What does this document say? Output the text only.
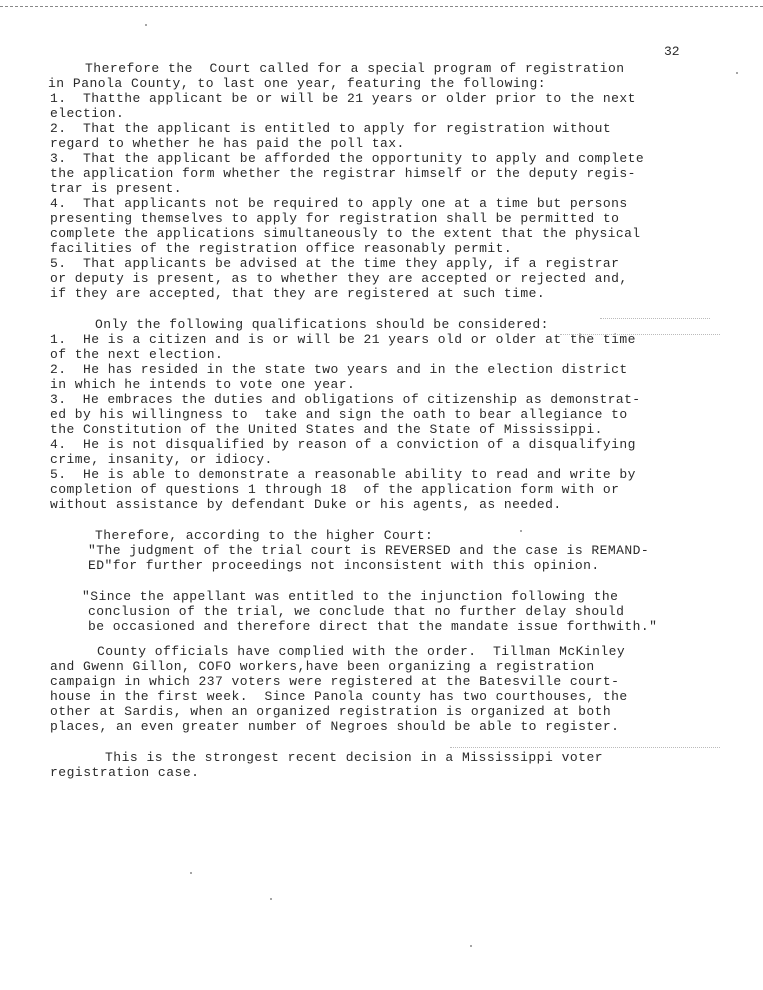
32
Therefore the  Court called for a special program of registration
in Panola County, to last one year, featuring the following:
1.  Thatthe applicant be or will be 21 years or older prior to the next
election.
2.  That the applicant is entitled to apply for registration without
regard to whether he has paid the poll tax.
3.  That the applicant be afforded the opportunity to apply and complete
the application form whether the registrar himself or the deputy regis-
trar is present.
4.  That applicants not be required to apply one at a time but persons
presenting themselves to apply for registration shall be permitted to
complete the applications simultaneously to the extent that the physical
facilities of the registration office reasonably permit.
5.  That applicants be advised at the time they apply, if a registrar
or deputy is present, as to whether they are accepted or rejected and,
if they are accepted, that they are registered at such time.
Only the following qualifications should be considered:
1.  He is a citizen and is or will be 21 years old or older at the time
of the next election.
2.  He has resided in the state two years and in the election district
in which he intends to vote one year.
3.  He embraces the duties and obligations of citizenship as demonstrat-
ed by his willingness to  take and sign the oath to bear allegiance to
the Constitution of the United States and the State of Mississippi.
4.  He is not disqualified by reason of a conviction of a disqualifying
crime, insanity, or idiocy.
5.  He is able to demonstrate a reasonable ability to read and write by
completion of questions 1 through 18  of the application form with or
without assistance by defendant Duke or his agents, as needed.
Therefore, according to the higher Court:
"The judgment of the trial court is REVERSED and the case is REMAND-
ED"for further proceedings not inconsistent with this opinion.
"Since the appellant was entitled to the injunction following the
conclusion of the trial, we conclude that no further delay should
be occasioned and therefore direct that the mandate issue forthwith."
County officials have complied with the order.  Tillman McKinley
and Gwenn Gillon, COFO workers,have been organizing a registration
campaign in which 237 voters were registered at the Batesville court-
house in the first week.  Since Panola county has two courthouses, the
other at Sardis, when an organized registration is organized at both
places, an even greater number of Negroes should be able to register.
This is the strongest recent decision in a Mississippi voter
registration case.
